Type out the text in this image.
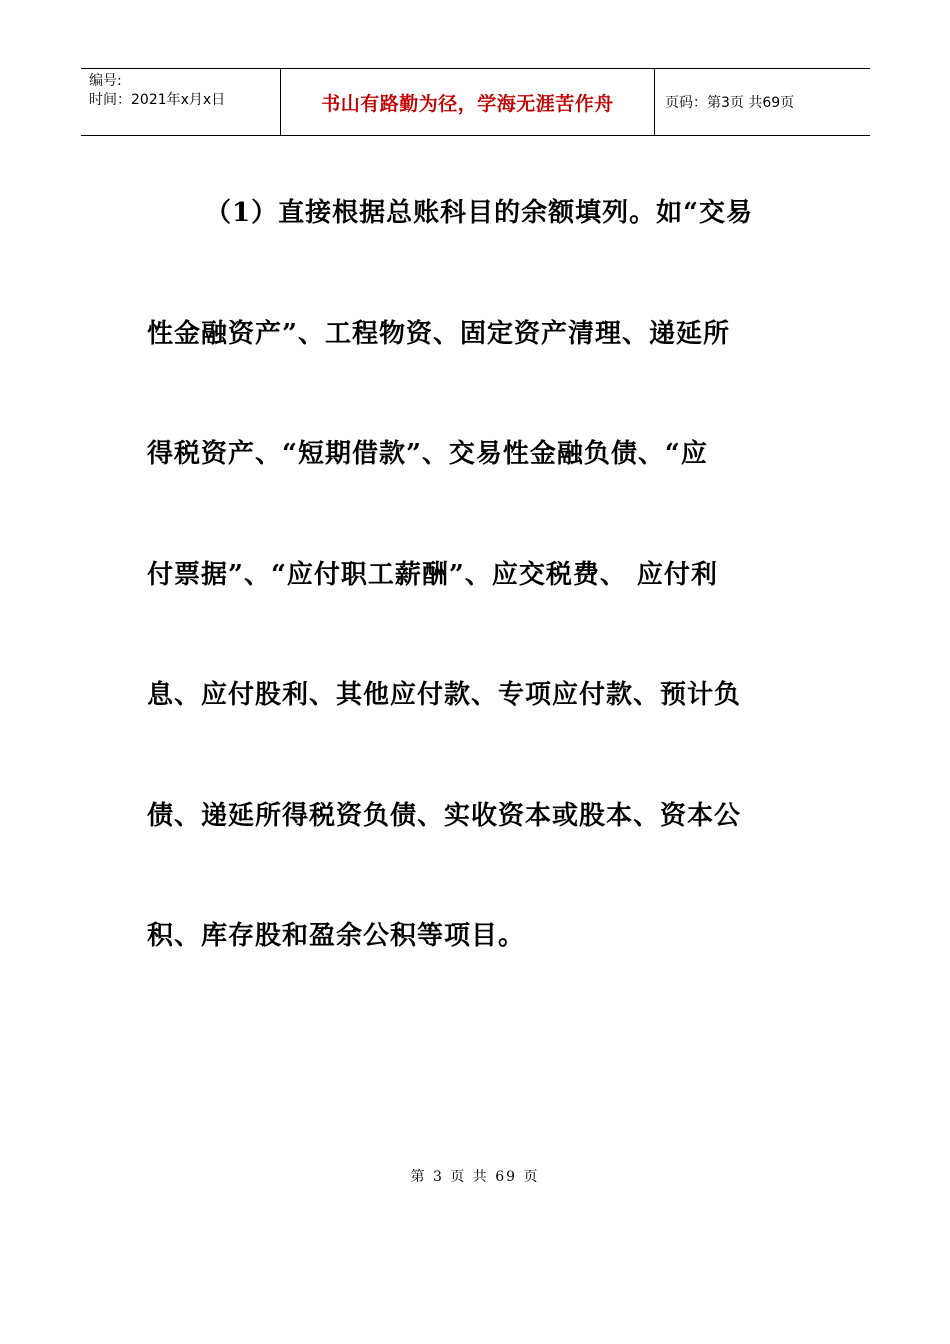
编号:
时间：2021年x月x日	书山有路勤为径，学海无涯苦作舟	页码：第3页 共69页
（1）直接根据总账科目的余额填列。如“交易
性金融资产”、工程物资、固定资产清理、递延所
得税资产、“短期借款”、交易性金融负债、“应
付票据”、“应付职工薪酬”、应交税费、 应付利
息、应付股利、其他应付款、专项应付款、预计负
债、递延所得税资负债、实收资本或股本、资本公
积、库存股和盈余公积等项目。
第 3 页 共 69 页
